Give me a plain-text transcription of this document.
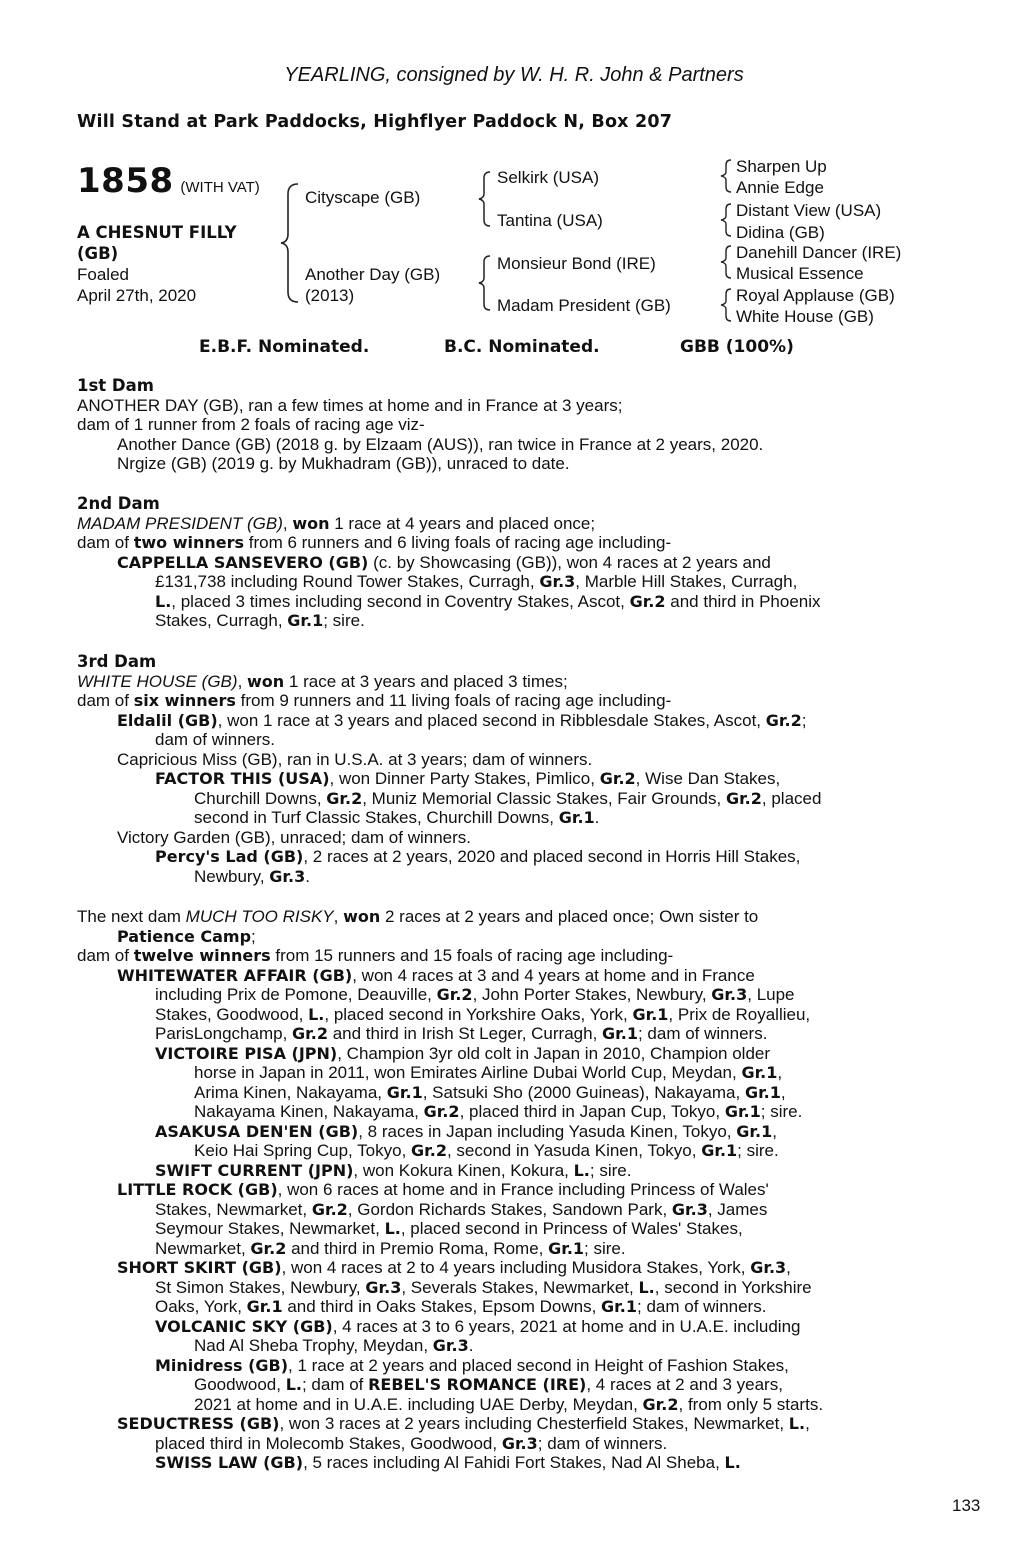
YEARLING, consigned by W. H. R. John & Partners
Will Stand at Park Paddocks, Highflyer Paddock N, Box 207
1858 (WITH VAT)
A CHESNUT FILLY
(GB)
Foaled
April 27th, 2020
Cityscape (GB)
Another Day (GB)
(2013)
Selkirk (USA)
Tantina (USA)
Monsieur Bond (IRE)
Madam President (GB)
Sharpen Up
Annie Edge
Distant View (USA)
Didina (GB)
Danehill Dancer (IRE)
Musical Essence
Royal Applause (GB)
White House (GB)
E.B.F. Nominated.	B.C. Nominated.	GBB (100%)
1st Dam
ANOTHER DAY (GB), ran a few times at home and in France at 3 years;
dam of 1 runner from 2 foals of racing age viz-
Another Dance (GB) (2018 g. by Elzaam (AUS)), ran twice in France at 2 years, 2020.
Nrgize (GB) (2019 g. by Mukhadram (GB)), unraced to date.
2nd Dam
MADAM PRESIDENT (GB), won 1 race at 4 years and placed once;
dam of two winners from 6 runners and 6 living foals of racing age including-
CAPPELLA SANSEVERO (GB) (c. by Showcasing (GB)), won 4 races at 2 years and
£131,738 including Round Tower Stakes, Curragh, Gr.3, Marble Hill Stakes, Curragh,
L., placed 3 times including second in Coventry Stakes, Ascot, Gr.2 and third in Phoenix
Stakes, Curragh, Gr.1; sire.
3rd Dam
WHITE HOUSE (GB), won 1 race at 3 years and placed 3 times;
dam of six winners from 9 runners and 11 living foals of racing age including-
Eldalil (GB), won 1 race at 3 years and placed second in Ribblesdale Stakes, Ascot, Gr.2;
dam of winners.
Capricious Miss (GB), ran in U.S.A. at 3 years; dam of winners.
FACTOR THIS (USA), won Dinner Party Stakes, Pimlico, Gr.2, Wise Dan Stakes,
Churchill Downs, Gr.2, Muniz Memorial Classic Stakes, Fair Grounds, Gr.2, placed
second in Turf Classic Stakes, Churchill Downs, Gr.1.
Victory Garden (GB), unraced; dam of winners.
Percy's Lad (GB), 2 races at 2 years, 2020 and placed second in Horris Hill Stakes,
Newbury, Gr.3.
The next dam MUCH TOO RISKY, won 2 races at 2 years and placed once; Own sister to
Patience Camp;
dam of twelve winners from 15 runners and 15 foals of racing age including-
WHITEWATER AFFAIR (GB), won 4 races at 3 and 4 years at home and in France
including Prix de Pomone, Deauville, Gr.2, John Porter Stakes, Newbury, Gr.3, Lupe
Stakes, Goodwood, L., placed second in Yorkshire Oaks, York, Gr.1, Prix de Royallieu,
ParisLongchamp, Gr.2 and third in Irish St Leger, Curragh, Gr.1; dam of winners.
VICTOIRE PISA (JPN), Champion 3yr old colt in Japan in 2010, Champion older
horse in Japan in 2011, won Emirates Airline Dubai World Cup, Meydan, Gr.1,
Arima Kinen, Nakayama, Gr.1, Satsuki Sho (2000 Guineas), Nakayama, Gr.1,
Nakayama Kinen, Nakayama, Gr.2, placed third in Japan Cup, Tokyo, Gr.1; sire.
ASAKUSA DEN'EN (GB), 8 races in Japan including Yasuda Kinen, Tokyo, Gr.1,
Keio Hai Spring Cup, Tokyo, Gr.2, second in Yasuda Kinen, Tokyo, Gr.1; sire.
SWIFT CURRENT (JPN), won Kokura Kinen, Kokura, L.; sire.
LITTLE ROCK (GB), won 6 races at home and in France including Princess of Wales'
Stakes, Newmarket, Gr.2, Gordon Richards Stakes, Sandown Park, Gr.3, James
Seymour Stakes, Newmarket, L., placed second in Princess of Wales' Stakes,
Newmarket, Gr.2 and third in Premio Roma, Rome, Gr.1; sire.
SHORT SKIRT (GB), won 4 races at 2 to 4 years including Musidora Stakes, York, Gr.3,
St Simon Stakes, Newbury, Gr.3, Severals Stakes, Newmarket, L., second in Yorkshire
Oaks, York, Gr.1 and third in Oaks Stakes, Epsom Downs, Gr.1; dam of winners.
VOLCANIC SKY (GB), 4 races at 3 to 6 years, 2021 at home and in U.A.E. including
Nad Al Sheba Trophy, Meydan, Gr.3.
Minidress (GB), 1 race at 2 years and placed second in Height of Fashion Stakes,
Goodwood, L.; dam of REBEL'S ROMANCE (IRE), 4 races at 2 and 3 years,
2021 at home and in U.A.E. including UAE Derby, Meydan, Gr.2, from only 5 starts.
SEDUCTRESS (GB), won 3 races at 2 years including Chesterfield Stakes, Newmarket, L.,
placed third in Molecomb Stakes, Goodwood, Gr.3; dam of winners.
SWISS LAW (GB), 5 races including Al Fahidi Fort Stakes, Nad Al Sheba, L.
133
